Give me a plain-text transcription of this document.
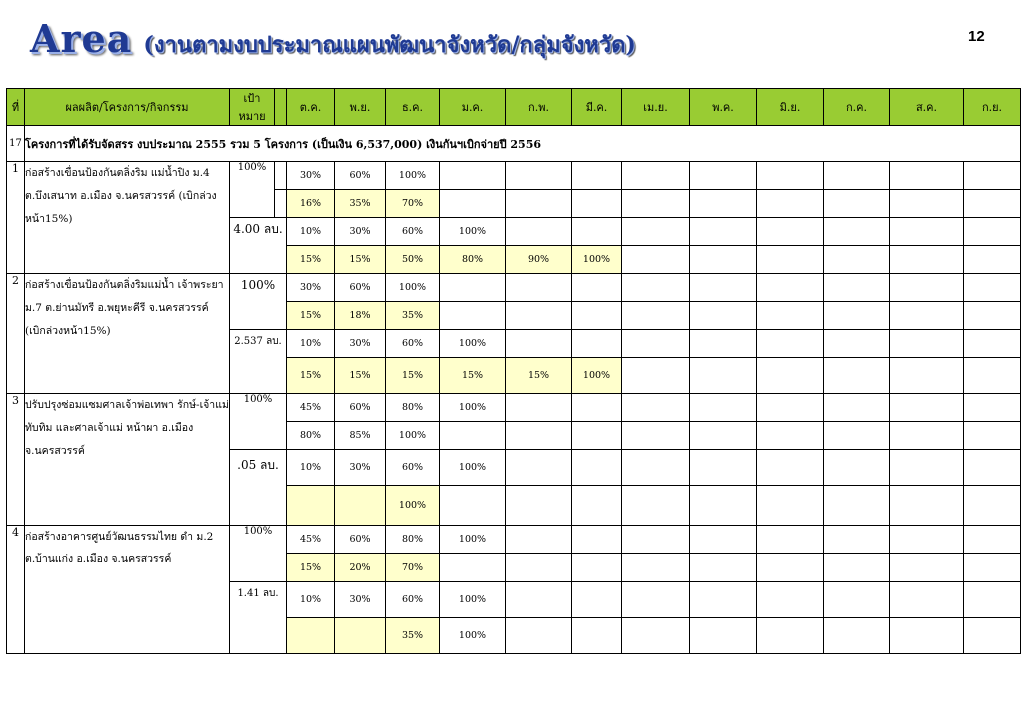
Area (งานตามงบประมาณแผนพัฒนาจังหวัด/กลุ่มจังหวัด)	12
ที่	ผลผลิต/โครงการ/กิจกรรม	เป้าหมาย		ต.ค.	พ.ย.	ธ.ค.	ม.ค.	ก.พ.	มี.ค.	เม.ย.	พ.ค.	มิ.ย.	ก.ค.	ส.ค.	ก.ย.
17	โครงการที่ได้รับจัดสรร งบประมาณ 2555 รวม 5 โครงการ (เป็นเงิน 6,537,000) เงินกันฯเบิกจ่ายปี 2556														
1	ก่อสร้างเขื่อนป้องกันตลิ่งริม แม่น้ำปิง ม.4 ต.บึงเสนาท อ.เมือง จ.นครสวรรค์ (เบิกล่วงหน้า15%)	100%		30%	60%	100%									
				16%	35%	70%									
		4.00 ลบ.		10%	30%	60%	100%								
				15%	15%	50%	80%	90%	100%						
2	ก่อสร้างเขื่อนป้องกันตลิ่งริมแม่น้ำ เจ้าพระยา ม.7 ต.ย่านมัทรี อ.พยุหะคีรี จ.นครสวรรค์ (เบิกล่วงหน้า15%)	100%		30%	60%	100%									
				15%	18%	35%									
		2.537 ลบ.		10%	30%	60%	100%								
				15%	15%	15%	15%	15%	100%						
3	ปรับปรุงซ่อมแซมศาลเจ้าพ่อเทพา รักษ์-เจ้าแม่ทับทิม และศาลเจ้าแม่ หน้าผา อ.เมือง จ.นครสวรรค์	100%		45%	60%	80%	100%								
				80%	85%	100%									
		.05 ลบ.		10%	30%	60%	100%								
						100%									
4	ก่อสร้างอาคารศูนย์วัฒนธรรมไทย ดำ ม.2 ต.บ้านแก่ง อ.เมือง จ.นครสวรรค์	100%		45%	60%	80%	100%								
				15%	20%	70%									
		1.41 ลบ.		10%	30%	60%	100%								
						35%	100%								
